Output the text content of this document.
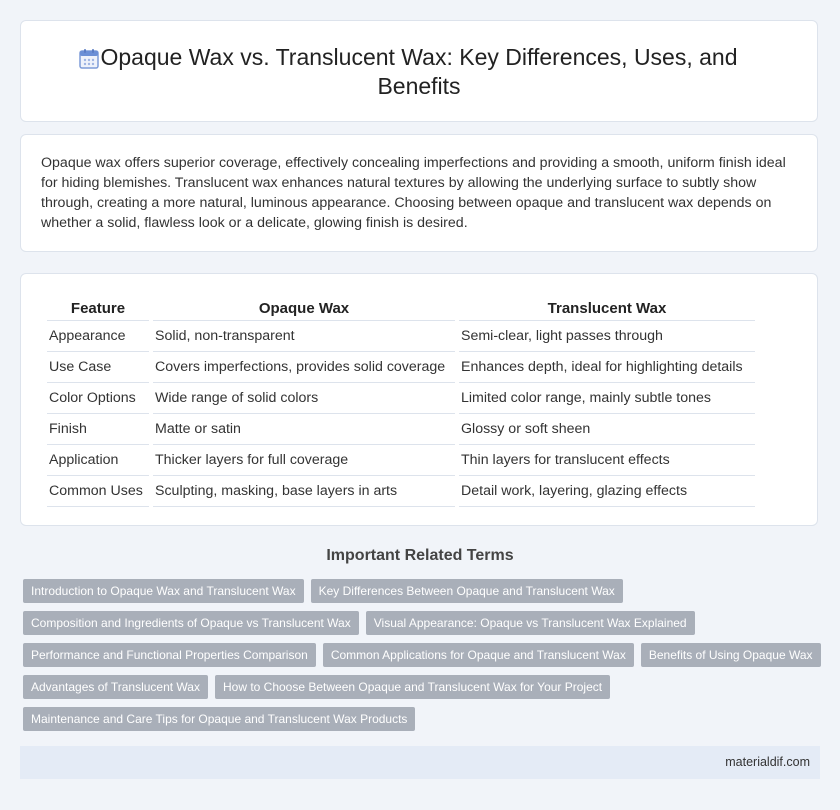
Opaque Wax vs. Translucent Wax: Key Differences, Uses, and Benefits

Opaque wax offers superior coverage, effectively concealing imperfections and providing a smooth, uniform finish ideal for hiding blemishes. Translucent wax enhances natural textures by allowing the underlying surface to subtly show through, creating a more natural, luminous appearance. Choosing between opaque and translucent wax depends on whether a solid, flawless look or a delicate, glowing finish is desired.

Feature	Opaque Wax	Translucent Wax
Appearance	Solid, non-transparent	Semi-clear, light passes through
Use Case	Covers imperfections, provides solid coverage	Enhances depth, ideal for highlighting details
Color Options	Wide range of solid colors	Limited color range, mainly subtle tones
Finish	Matte or satin	Glossy or soft sheen
Application	Thicker layers for full coverage	Thin layers for translucent effects
Common Uses	Sculpting, masking, base layers in arts	Detail work, layering, glazing effects
Important Related Terms
Introduction to Opaque Wax and Translucent Wax	Key Differences Between Opaque and Translucent Wax
Composition and Ingredients of Opaque vs Translucent Wax	Visual Appearance: Opaque vs Translucent Wax Explained
Performance and Functional Properties Comparison	Common Applications for Opaque and Translucent Wax	Benefits of Using Opaque Wax
Advantages of Translucent Wax	How to Choose Between Opaque and Translucent Wax for Your Project
Maintenance and Care Tips for Opaque and Translucent Wax Products
materialdif.com
